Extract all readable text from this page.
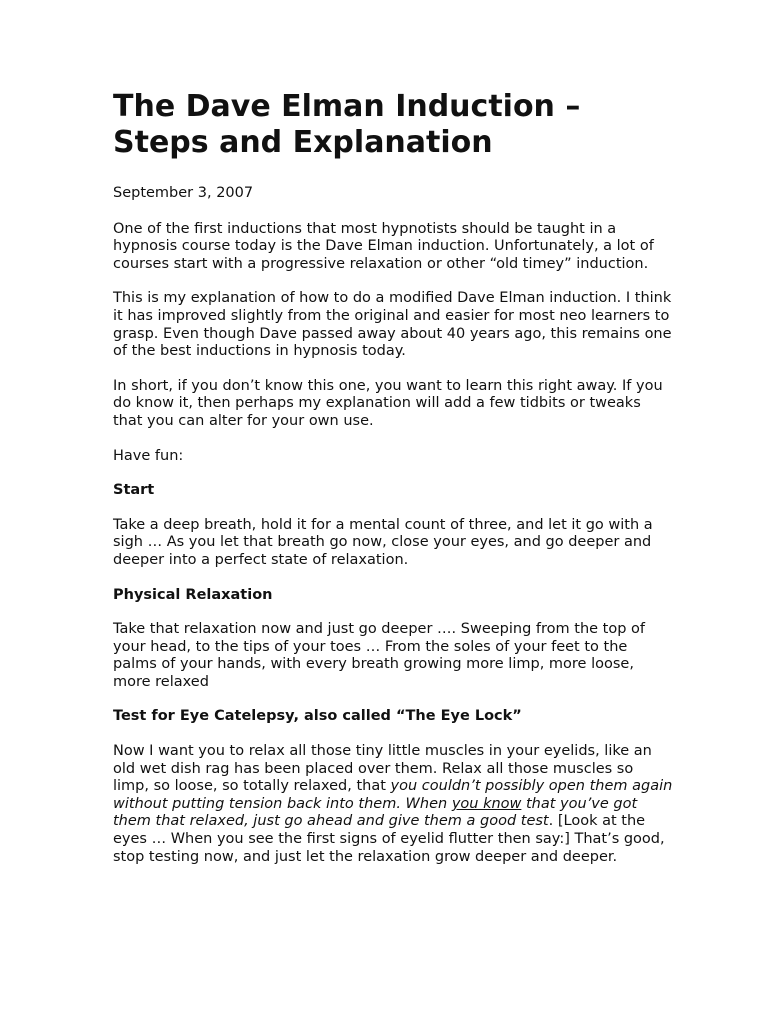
The Dave Elman Induction – Steps and Explanation
September 3, 2007

One of the first inductions that most hypnotists should be taught in a hypnosis course today is the Dave Elman induction. Unfortunately, a lot of courses start with a progressive relaxation or other “old timey” induction.

This is my explanation of how to do a modified Dave Elman induction. I think it has improved slightly from the original and easier for most neo learners to grasp. Even though Dave passed away about 40 years ago, this remains one of the best inductions in hypnosis today.

In short, if you don’t know this one, you want to learn this right away. If you do know it, then perhaps my explanation will add a few tidbits or tweaks that you can alter for your own use.

Have fun:

Start

Take a deep breath, hold it for a mental count of three, and let it go with a sigh … As you let that breath go now, close your eyes, and go deeper and deeper into a perfect state of relaxation.

Physical Relaxation

Take that relaxation now and just go deeper …. Sweeping from the top of your head, to the tips of your toes … From the soles of your feet to the palms of your hands, with every breath growing more limp, more loose, more relaxed

Test for Eye Catelepsy, also called “The Eye Lock”

Now I want you to relax all those tiny little muscles in your eyelids, like an old wet dish rag has been placed over them. Relax all those muscles so limp, so loose, so totally relaxed, that you couldn’t possibly open them again without putting tension back into them. When you know that you’ve got them that relaxed, just go ahead and give them a good test. [Look at the eyes … When you see the first signs of eyelid flutter then say:] That’s good, stop testing now, and just let the relaxation grow deeper and deeper.
